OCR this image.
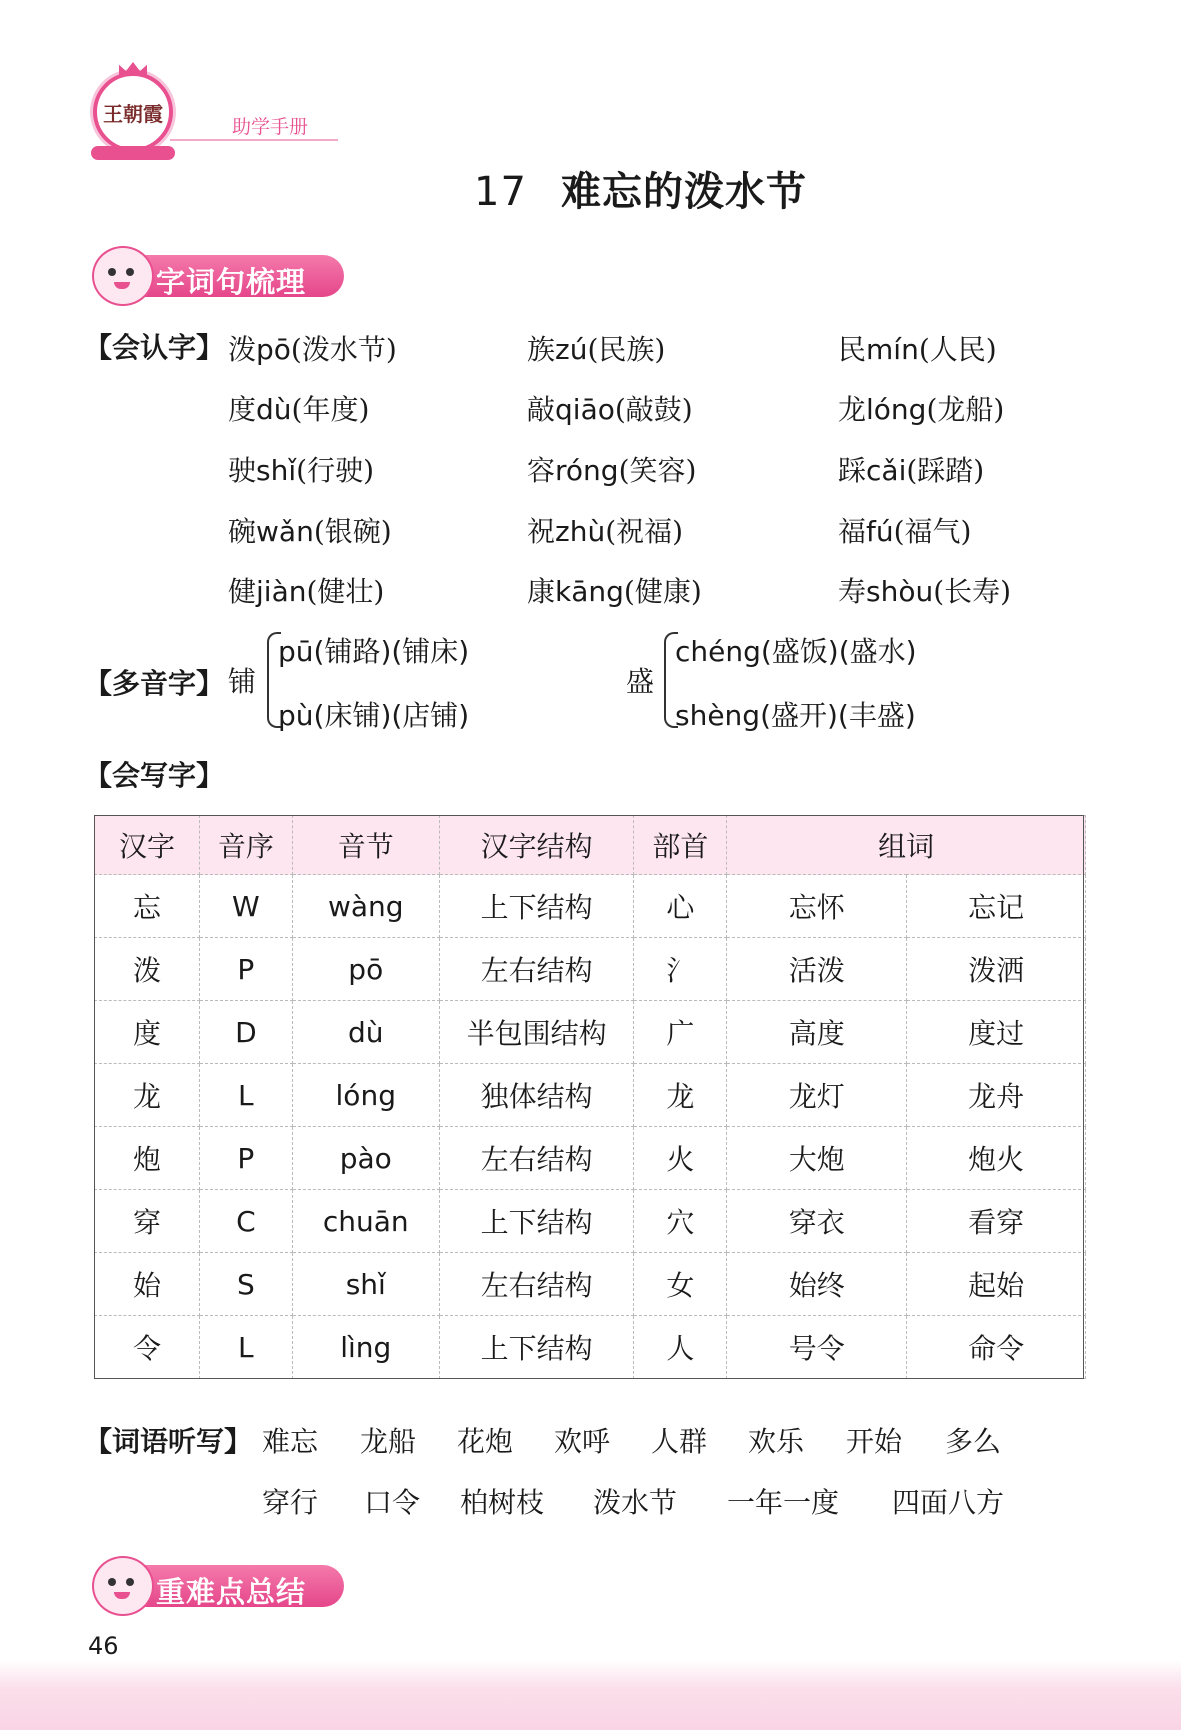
王朝霞
助学手册
17 难忘的泼水节
字词句梳理
【会认字】 泼pō(泼水节)	族zú(民族)	民mín(人民)
度dù(年度)	敲qiāo(敲鼓)	龙lóng(龙船)
驶shǐ(行驶)	容róng(笑容)	踩cǎi(踩踏)
碗wǎn(银碗)	祝zhù(祝福)	福fú(福气)
健jiàn(健壮)	康kāng(健康)	寿shòu(长寿)
【多音字】 铺
pū(铺路)(铺床)
pù(床铺)(店铺)
盛
chéng(盛饭)(盛水)
shèng(盛开)(丰盛)
【会写字】
汉字	音序	音节	汉字结构	部首	组词	
忘	W	wàng	上下结构	心	忘怀	忘记
泼	P	pō	左右结构	氵	活泼	泼洒
度	D	dù	半包围结构	广	高度	度过
龙	L	lóng	独体结构	龙	龙灯	龙舟
炮	P	pào	左右结构	火	大炮	炮火
穿	C	chuān	上下结构	穴	穿衣	看穿
始	S	shǐ	左右结构	女	始终	起始
令	L	lìng	上下结构	人	号令	命令
【词语听写】 难忘 龙船 花炮 欢呼 人群 欢乐 开始 多么
穿行 口令 柏树枝 泼水节 一年一度 四面八方
重难点总结
46
